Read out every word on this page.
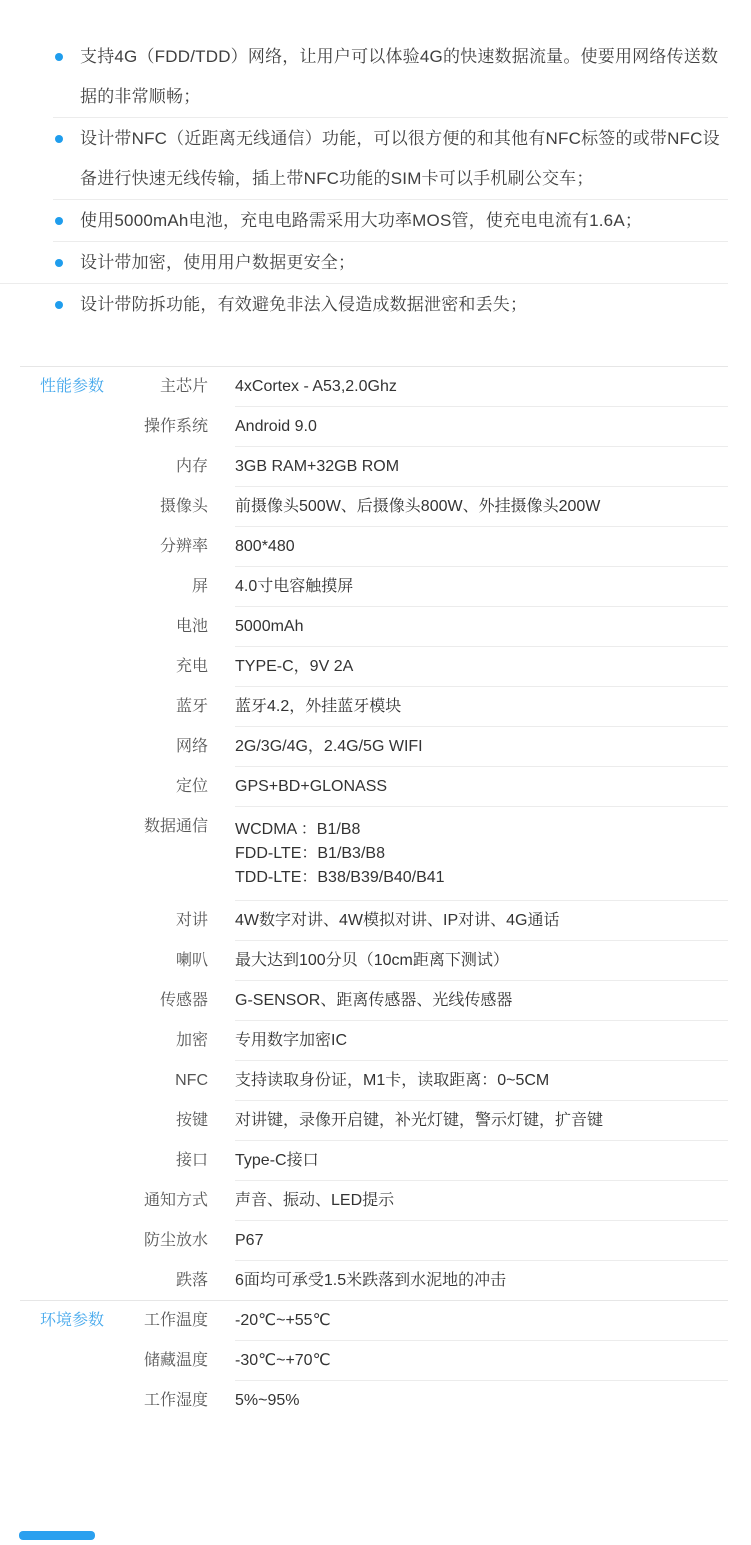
支持4G（FDD/TDD）网络，让用户可以体验4G的快速数据流量。使要用网络传送数据的非常顺畅；
设计带NFC（近距离无线通信）功能，可以很方便的和其他有NFC标签的或带NFC设备进行快速无线传输，插上带NFC功能的SIM卡可以手机刷公交车；
使用5000mAh电池，充电电路需采用大功率MOS管，使充电电流有1.6A；
设计带加密，使用用户数据更安全；
设计带防拆功能，有效避免非法入侵造成数据泄密和丢失；
性能参数	主芯片 4xCortex - A53,2.0Ghz
操作系统 Android 9.0
内存 3GB RAM+32GB ROM
摄像头 前摄像头500W、后摄像头800W、外挂摄像头200W
分辨率 800*480
屏 4.0寸电容触摸屏
电池 5000mAh
充电 TYPE-C，9V 2A
蓝牙 蓝牙4.2，外挂蓝牙模块
网络 2G/3G/4G，2.4G/5G WIFI
定位 GPS+BD+GLONASS
数据通信 WCDMA ：B1/B8
FDD-LTE：B1/B3/B8
TDD-LTE：B38/B39/B40/B41
对讲 4W数字对讲、4W模拟对讲、IP对讲、4G通话
喇叭 最大达到100分贝（10cm距离下测试）
传感器 G-SENSOR、距离传感器、光线传感器
加密 专用数字加密IC
NFC 支持读取身份证，M1卡，读取距离：0~5CM
按键 对讲键，录像开启键，补光灯键，警示灯键，扩音键
接口 Type-C接口
通知方式 声音、振动、LED提示
防尘放水 P67
跌落 6面均可承受1.5米跌落到水泥地的冲击
环境参数	工作温度 -20℃~+55℃
储藏温度 -30℃~+70℃
工作湿度 5%~95%
